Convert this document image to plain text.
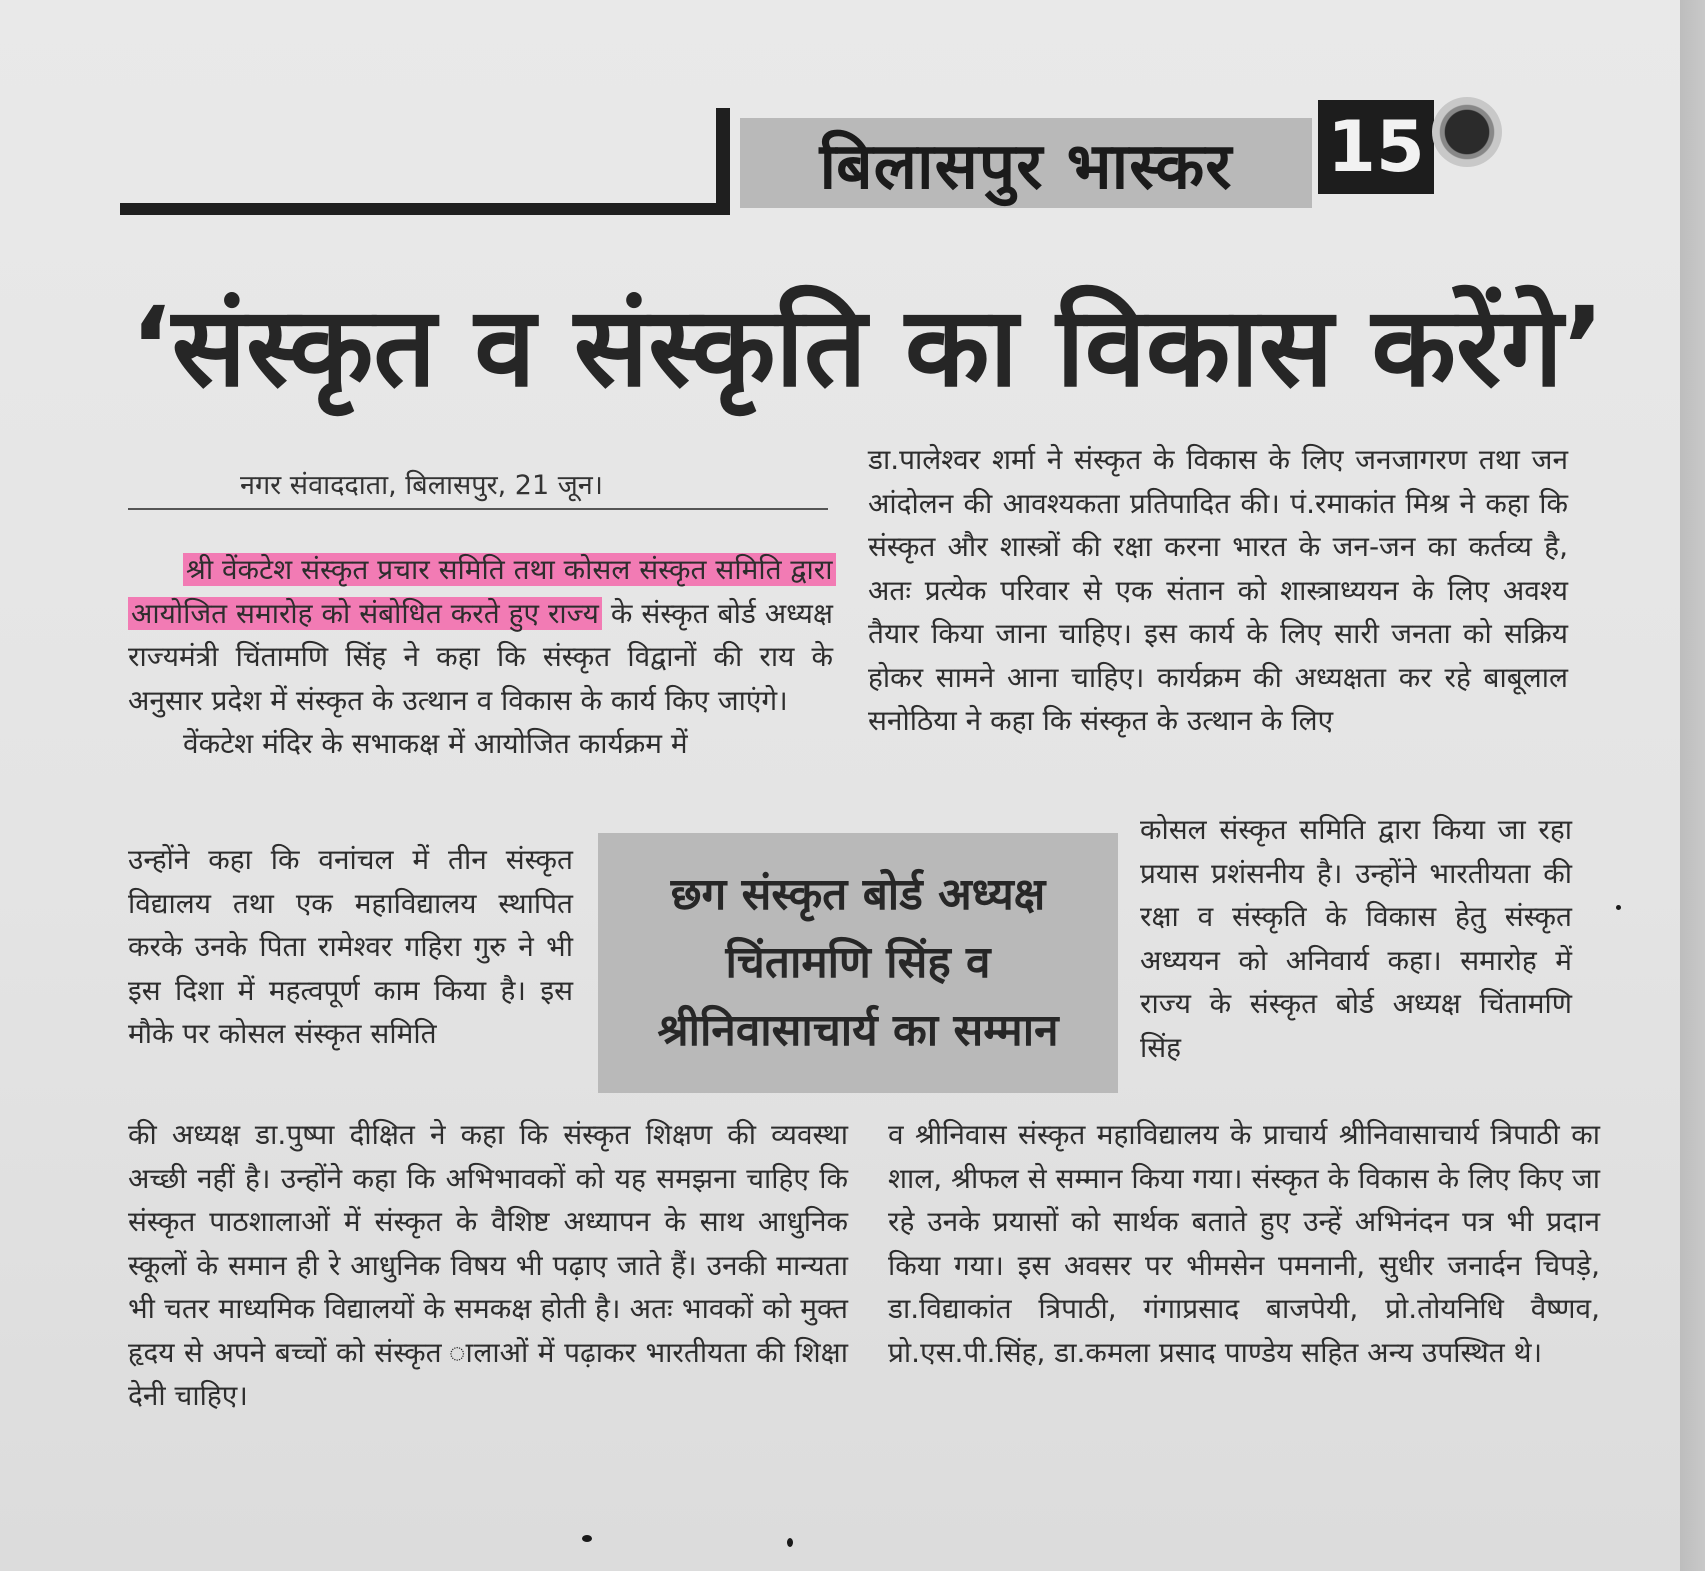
बिलासपुर भास्कर 15
‘संस्कृत व संस्कृति का विकास करेंगे’
नगर संवाददाता, बिलासपुर, 21 जून।

श्री वेंकटेश संस्कृत प्रचार समिति तथा कोसल संस्कृत समिति द्वारा आयोजित समारोह को संबोधित करते हुए राज्य के संस्कृत बोर्ड अध्यक्ष राज्यमंत्री चिंतामणि सिंह ने कहा कि संस्कृत विद्वानों की राय के अनुसार प्रदेश में संस्कृत के उत्थान व विकास के कार्य किए जाएंगे।

वेंकटेश मंदिर के सभाकक्ष में आयोजित कार्यक्रम में

उन्होंने कहा कि वनांचल में तीन संस्कृत विद्यालय तथा एक महाविद्यालय स्थापित करके उनके पिता रामेश्वर गहिरा गुरु ने भी इस दिशा में महत्वपूर्ण काम किया है। इस मौके पर कोसल संस्कृत समिति
की अध्यक्ष डा.पुष्पा दीक्षित ने कहा कि संस्कृत शिक्षण की व्यवस्था अच्छी नहीं है। उन्होंने कहा कि अभिभावकों को यह समझना चाहिए कि संस्कृत पाठशालाओं में संस्कृत के वैशिष्ट अध्यापन के साथ आधुनिक स्कूलों के समान ही रे आधुनिक विषय भी पढ़ाए जाते हैं। उनकी मान्यता भी चतर माध्यमिक विद्यालयों के समकक्ष होती है। अतः भावकों को मुक्त हृदय से अपने बच्चों को संस्कृत ालाओं में पढ़ाकर भारतीयता की शिक्षा देनी चाहिए।
डा.पालेश्वर शर्मा ने संस्कृत के विकास के लिए जनजागरण तथा जन आंदोलन की आवश्यकता प्रतिपादित की। पं.रमाकांत मिश्र ने कहा कि संस्कृत और शास्त्रों की रक्षा करना भारत के जन-जन का कर्तव्य है, अतः प्रत्येक परिवार से एक संतान को शास्त्राध्ययन के लिए अवश्य तैयार किया जाना चाहिए। इस कार्य के लिए सारी जनता को सक्रिय होकर सामने आना चाहिए। कार्यक्रम की अध्यक्षता कर रहे बाबूलाल सनोठिया ने कहा कि संस्कृत के उत्थान के लिए
कोसल संस्कृत समिति द्वारा किया जा रहा प्रयास प्रशंसनीय है। उन्होंने भारतीयता की रक्षा व संस्कृति के विकास हेतु संस्कृत अध्ययन को अनिवार्य कहा। समारोह में राज्य के संस्कृत बोर्ड अध्यक्ष चिंतामणि सिंह
व श्रीनिवास संस्कृत महाविद्यालय के प्राचार्य श्रीनिवासाचार्य त्रिपाठी का शाल, श्रीफल से सम्मान किया गया। संस्कृत के विकास के लिए किए जा रहे उनके प्रयासों को सार्थक बताते हुए उन्हें अभिनंदन पत्र भी प्रदान किया गया। इस अवसर पर भीमसेन पमनानी, सुधीर जनार्दन चिपड़े, डा.विद्याकांत त्रिपाठी, गंगाप्रसाद बाजपेयी, प्रो.तोयनिधि वैष्णव, प्रो.एस.पी.सिंह, डा.कमला प्रसाद पाण्डेय सहित अन्य उपस्थित थे।
छग संस्कृत बोर्ड अध्यक्ष
चिंतामणि सिंह व
श्रीनिवासाचार्य का सम्मान
